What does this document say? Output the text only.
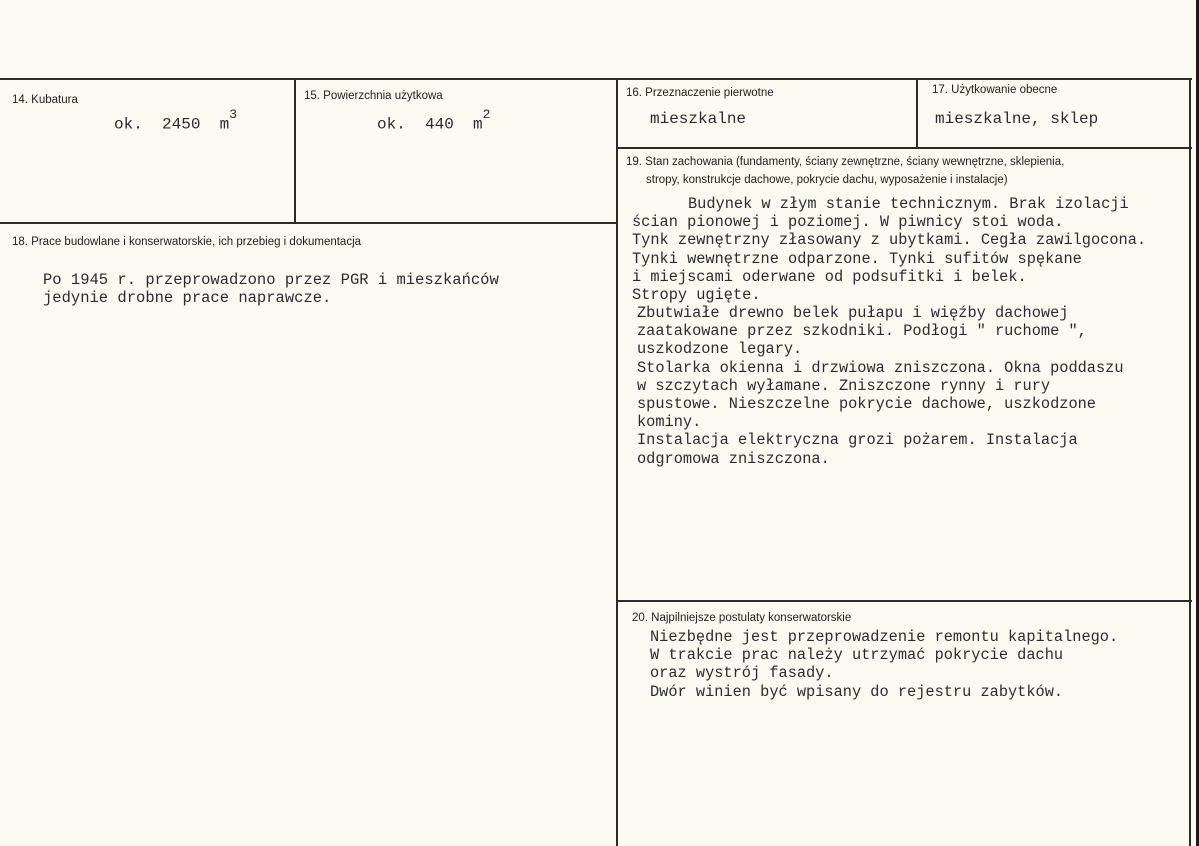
14. Kubatura
ok. 2450 $m^3$
15. Powierzchnia użytkowa
ok. 440 $m^2$
16. Przeznaczenie pierwotne
mieszkalne
17. Użytkowanie obecne
mieszkalne, sklep
18. Prace budowlane i konserwatorskie, ich przebieg i dokumentacja
Po 1945 r. przeprowadzono przez PGR i mieszkańców
jedynie drobne prace naprawcze.
19. Stan zachowania (fundamenty, ściany zewnętrzne, ściany wewnętrzne, sklepienia,
stropy, konstrukcje dachowe, pokrycie dachu, wyposażenie i instalacje)
Budynek w złym stanie technicznym. Brak izolacji
ścian pionowej i poziomej. W piwnicy stoi woda.
Tynk zewnętrzny złasowany z ubytkami. Cegła zawilgocona.
Tynki wewnętrzne odparzone. Tynki sufitów spękane
i miejscami oderwane od podsufitki i belek.
Stropy ugięte.
Zbutwiałe drewno belek pułapu i więźby dachowej
zaatakowane przez szkodniki. Podłogi " ruchome ",
uszkodzone legary.
Stolarka okienna i drzwiowa zniszczona. Okna poddaszu
w szczytach wyłamane. Zniszczone rynny i rury
spustowe. Nieszczelne pokrycie dachowe, uszkodzone
kominy.
Instalacja elektryczna grozi pożarem. Instalacja
odgromowa zniszczona.
20. Najpilniejsze postulaty konserwatorskie
Niezbędne jest przeprowadzenie remontu kapitalnego.
W trakcie prac należy utrzymać pokrycie dachu
oraz wystrój fasady.
Dwór winien być wpisany do rejestru zabytków.
